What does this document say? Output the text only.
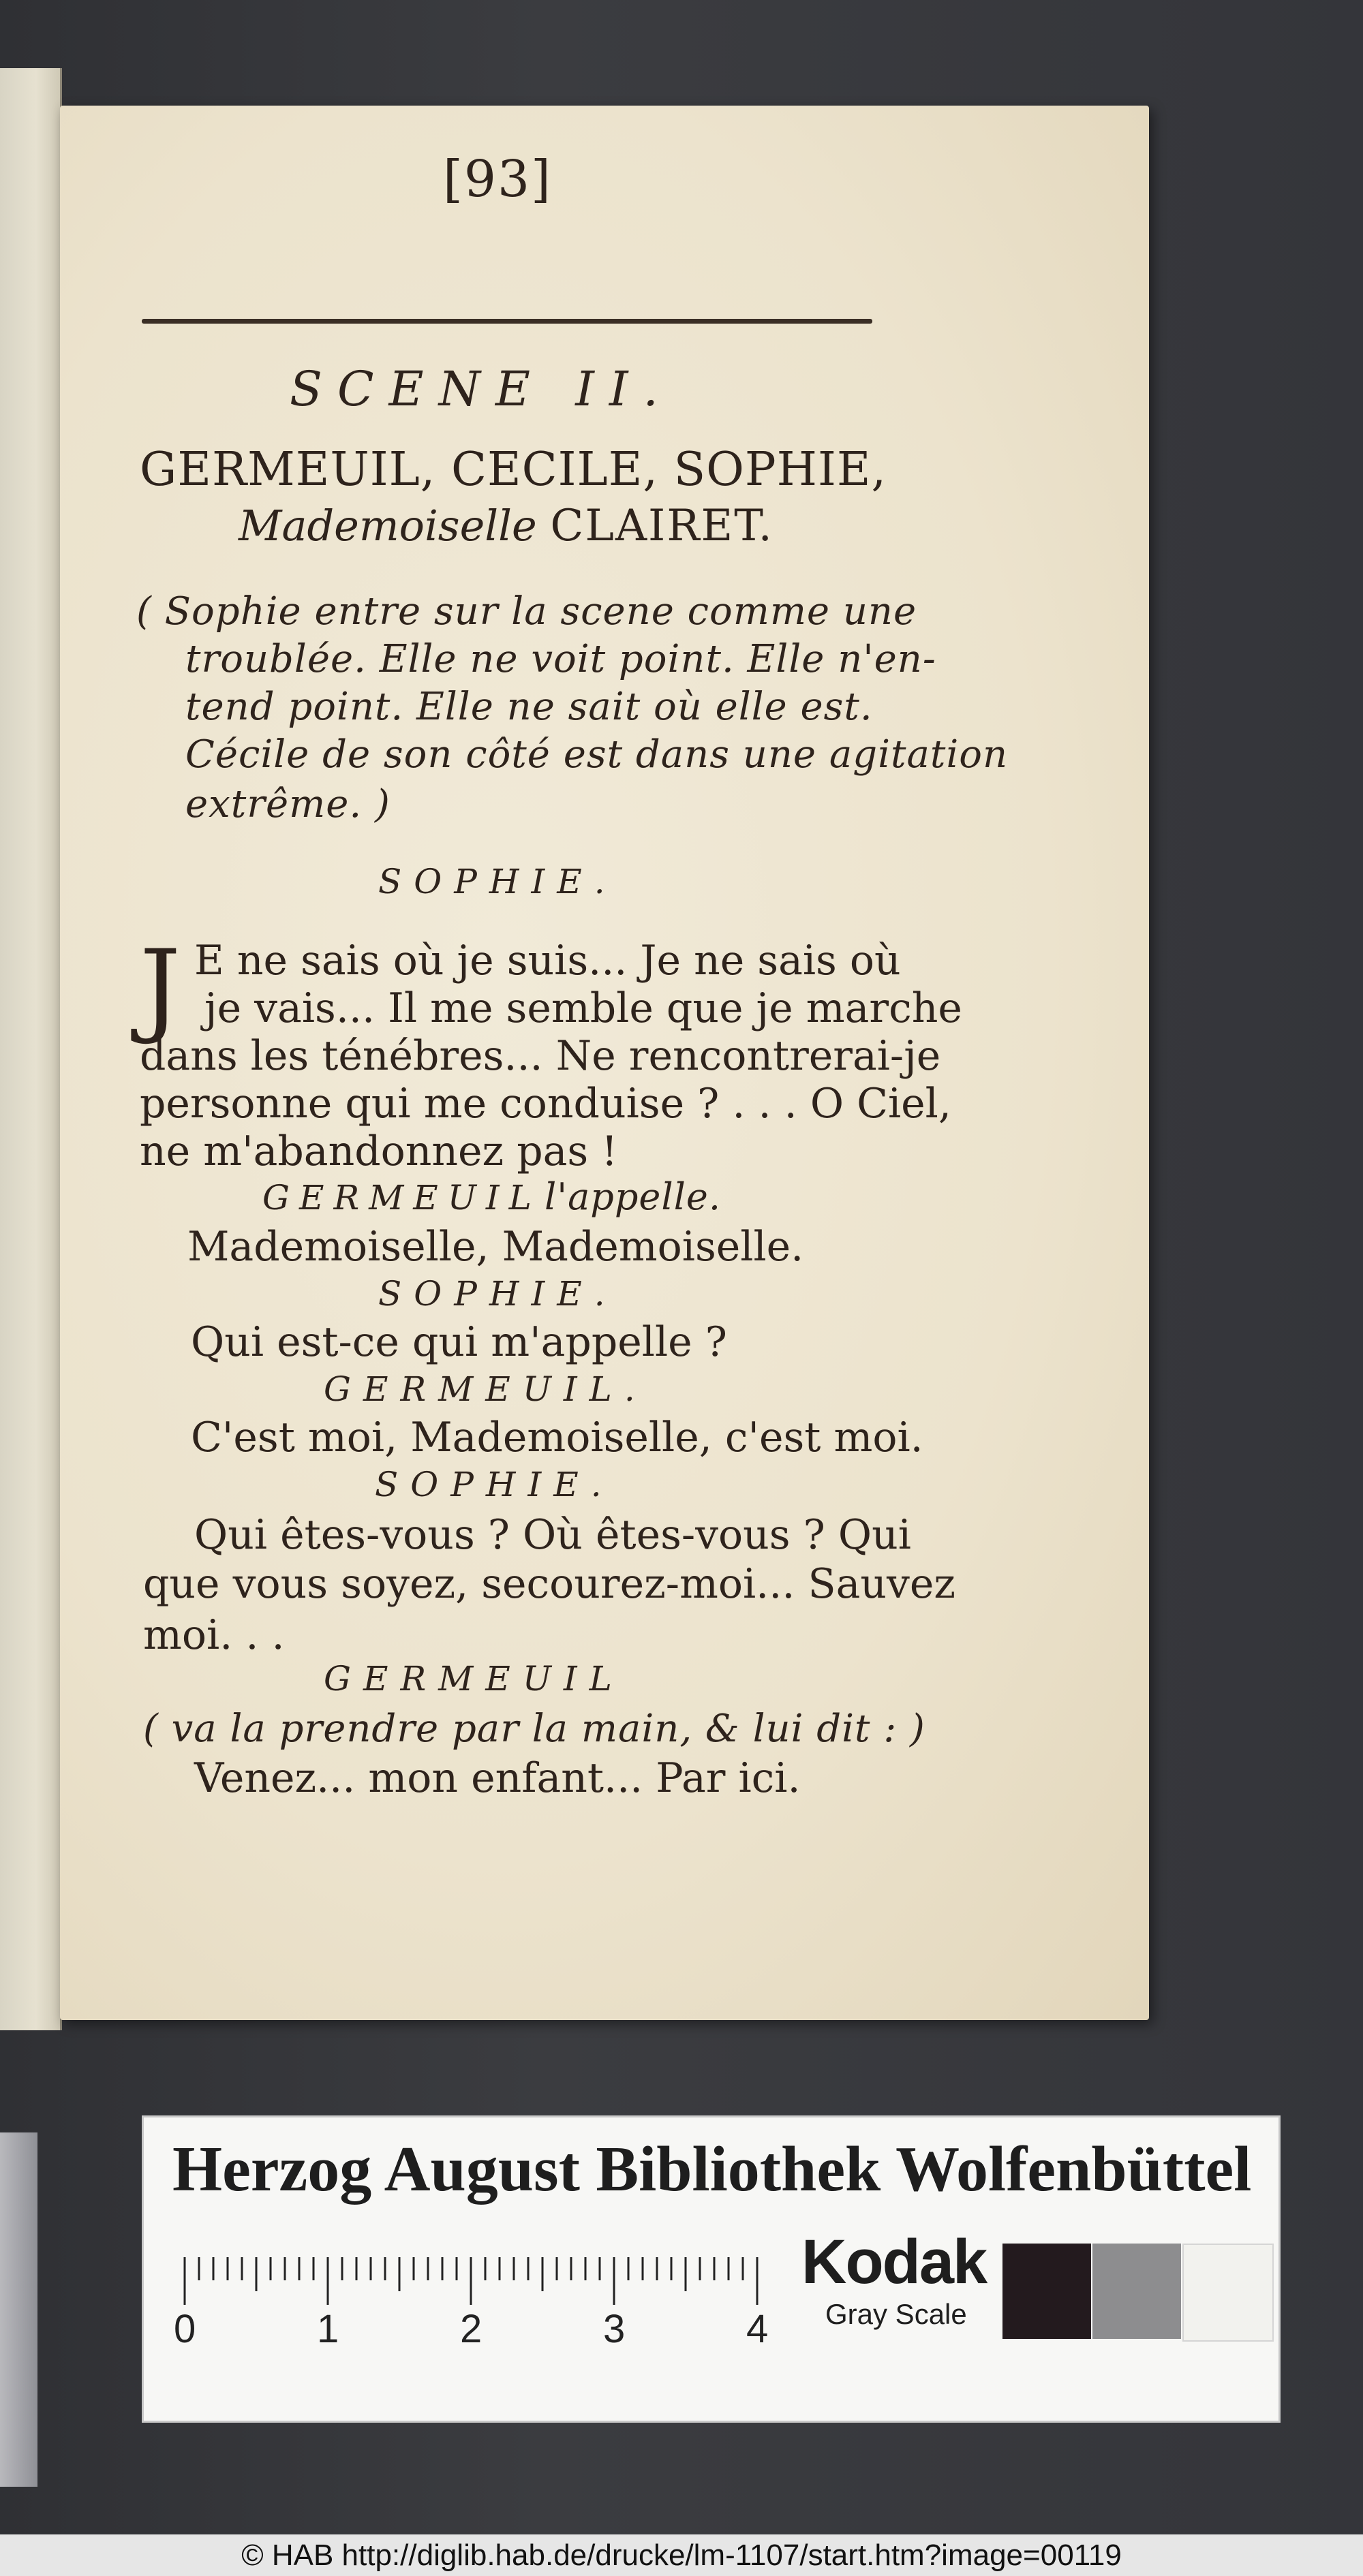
[93]
SCENE II.
GERMEUIL, CECILE, SOPHIE,
Mademoiselle CLAIRET.
( Sophie entre sur la scene comme une
troublée. Elle ne voit point. Elle n'en-
tend point. Elle ne sait où elle est.
Cécile de son côté est dans une agitation
extrême. )
SOPHIE.
J E ne sais où je suis... Je ne sais où
je vais... Il me semble que je marche
dans les ténébres... Ne rencontrerai-je
personne qui me conduise ? . . . O Ciel,
ne m'abandonnez pas !
GERMEUIL l'appelle.
Mademoiselle, Mademoiselle.
SOPHIE.
Qui est-ce qui m'appelle ?
GERMEUIL.
C'est moi, Mademoiselle, c'est moi.
SOPHIE.
Qui êtes-vous ? Où êtes-vous ? Qui
que vous soyez, secourez-moi... Sauvez
moi. . .
GERMEUIL
( va la prendre par la main, & lui dit : )
Venez... mon enfant... Par ici.
Herzog August Bibliothek Wolfenbüttel
0	1	2	3	4
Kodak
Gray Scale
© HAB http://diglib.hab.de/drucke/lm-1107/start.htm?image=00119
